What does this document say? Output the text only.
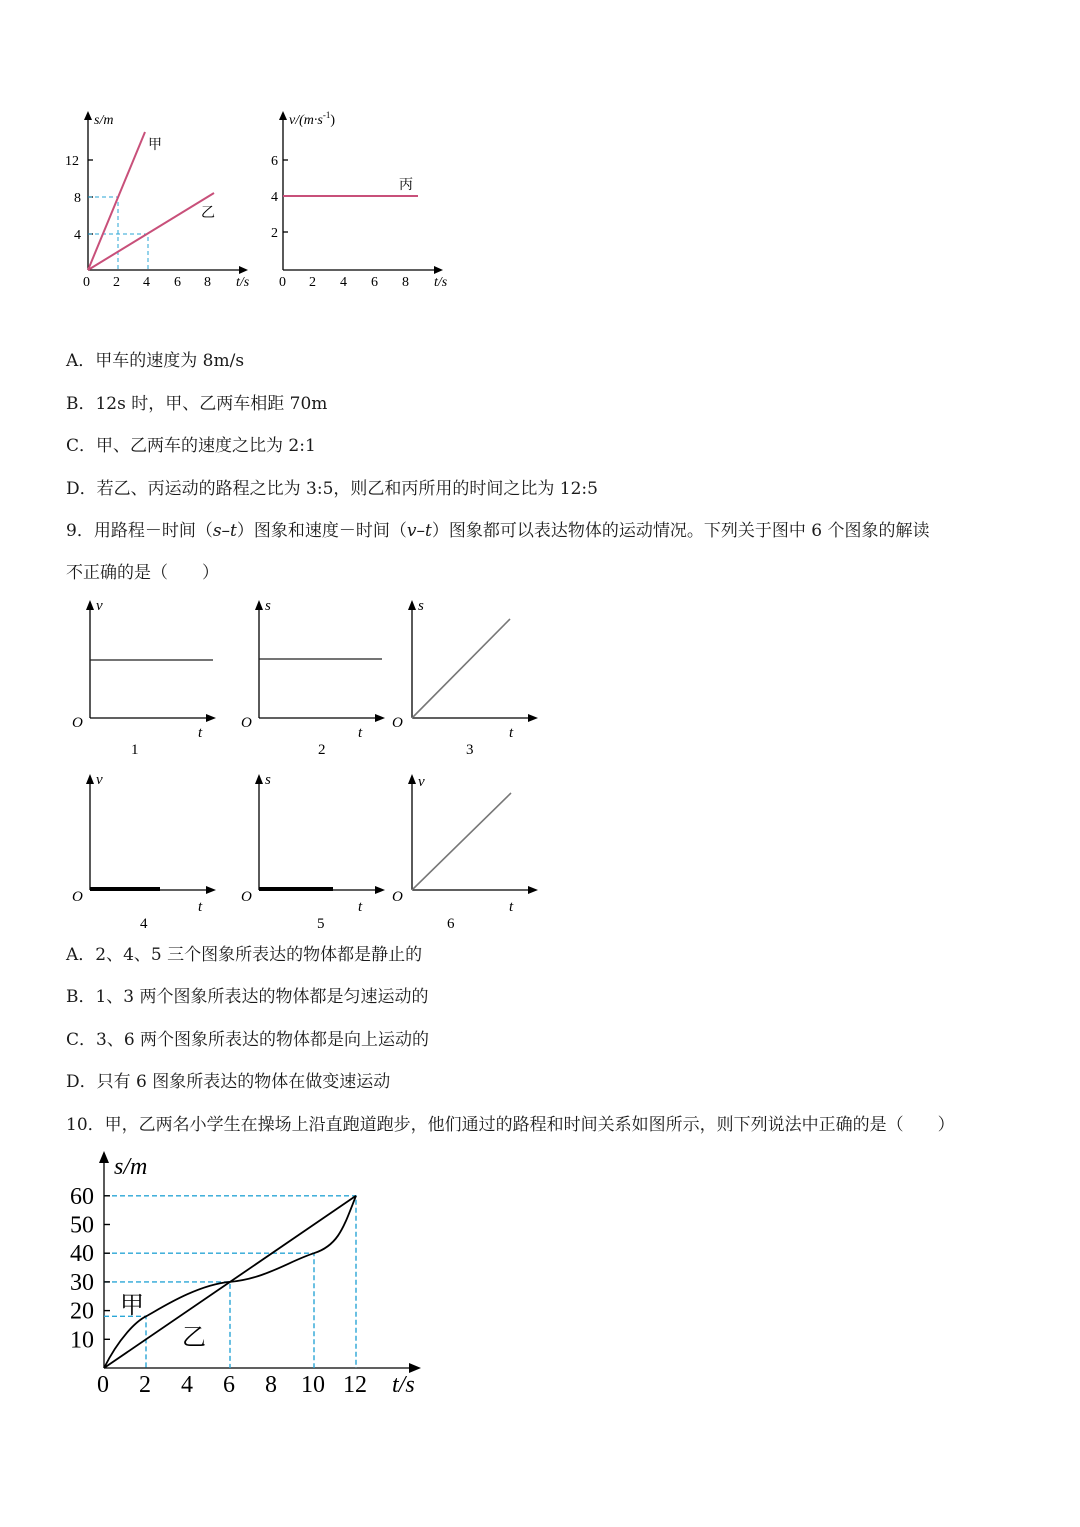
4
8
12
0 2 4 6 8
s/m
t/s
甲
乙
2
4
6
0 2 4 6 8
$v/(m\cdot s^{-1})$
t/s
丙
A．甲车的速度为 8m/s
B．12s 时，甲、乙两车相距 70m
C．甲、乙两车的速度之比为 2:1
D．若乙、丙运动的路程之比为 3:5，则乙和丙所用的时间之比为 12:5
9．用路程－时间（s–t）图象和速度－时间（v–t）图象都可以表达物体的运动情况。下列关于图中 6 个图象的解读
不正确的是（　　）
v
O
t
1
s
O
t
2
s
O
t
3
v
O
t
4
s
O
t
5
v
O
t
6
A．2、4、5 三个图象所表达的物体都是静止的
B．1、3 两个图象所表达的物体都是匀速运动的
C．3、6 两个图象所表达的物体都是向上运动的
D．只有 6 图象所表达的物体在做变速运动
10．甲，乙两名小学生在操场上沿直跑道跑步，他们通过的路程和时间关系如图所示，则下列说法中正确的是（　　）
s/m
t/s
10
20
30
40
50
60
0 2 4 6 8 10 12
甲
乙
